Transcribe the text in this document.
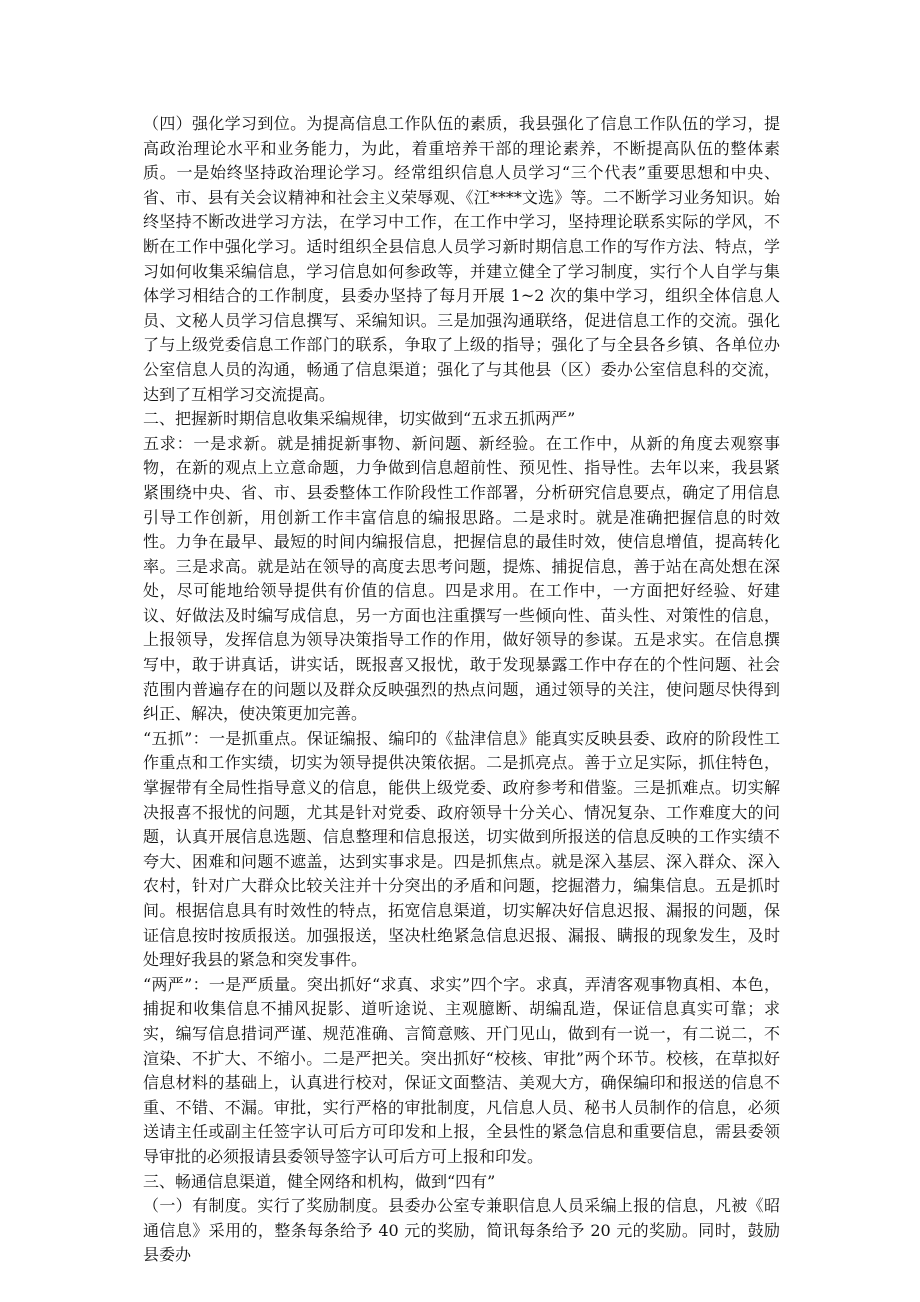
（四）强化学习到位。为提高信息工作队伍的素质，我县强化了信息工作队伍的学习，提高政治理论水平和业务能力，为此，着重培养干部的理论素养，不断提高队伍的整体素质。一是始终坚持政治理论学习。经常组织信息人员学习“三个代表”重要思想和中央、省、市、县有关会议精神和社会主义荣辱观、《江****文选》等。二不断学习业务知识。始终坚持不断改进学习方法，在学习中工作，在工作中学习，坚持理论联系实际的学风，不断在工作中强化学习。适时组织全县信息人员学习新时期信息工作的写作方法、特点，学习如何收集采编信息，学习信息如何参政等，并建立健全了学习制度，实行个人自学与集体学习相结合的工作制度，县委办坚持了每月开展 1~2 次的集中学习，组织全体信息人员、文秘人员学习信息撰写、采编知识。三是加强沟通联络，促进信息工作的交流。强化了与上级党委信息工作部门的联系，争取了上级的指导；强化了与全县各乡镇、各单位办公室信息人员的沟通，畅通了信息渠道；强化了与其他县（区）委办公室信息科的交流，达到了互相学习交流提高。

二、把握新时期信息收集采编规律，切实做到“五求五抓两严”

五求：一是求新。就是捕捉新事物、新问题、新经验。在工作中，从新的角度去观察事物，在新的观点上立意命题，力争做到信息超前性、预见性、指导性。去年以来，我县紧紧围绕中央、省、市、县委整体工作阶段性工作部署，分析研究信息要点，确定了用信息引导工作创新，用创新工作丰富信息的编报思路。二是求时。就是准确把握信息的时效性。力争在最早、最短的时间内编报信息，把握信息的最佳时效，使信息增值，提高转化率。三是求高。就是站在领导的高度去思考问题，提炼、捕捉信息，善于站在高处想在深处，尽可能地给领导提供有价值的信息。四是求用。在工作中，一方面把好经验、好建议、好做法及时编写成信息，另一方面也注重撰写一些倾向性、苗头性、对策性的信息，上报领导，发挥信息为领导决策指导工作的作用，做好领导的参谋。五是求实。在信息撰写中，敢于讲真话，讲实话，既报喜又报忧，敢于发现暴露工作中存在的个性问题、社会范围内普遍存在的问题以及群众反映强烈的热点问题，通过领导的关注，使问题尽快得到纠正、解决，使决策更加完善。

“五抓”：一是抓重点。保证编报、编印的《盐津信息》能真实反映县委、政府的阶段性工作重点和工作实绩，切实为领导提供决策依据。二是抓亮点。善于立足实际，抓住特色，掌握带有全局性指导意义的信息，能供上级党委、政府参考和借鉴。三是抓难点。切实解决报喜不报忧的问题，尤其是针对党委、政府领导十分关心、情况复杂、工作难度大的问题，认真开展信息选题、信息整理和信息报送，切实做到所报送的信息反映的工作实绩不夸大、困难和问题不遮盖，达到实事求是。四是抓焦点。就是深入基层、深入群众、深入农村，针对广大群众比较关注并十分突出的矛盾和问题，挖掘潜力，编集信息。五是抓时间。根据信息具有时效性的特点，拓宽信息渠道，切实解决好信息迟报、漏报的问题，保证信息按时按质报送。加强报送，坚决杜绝紧急信息迟报、漏报、瞒报的现象发生，及时处理好我县的紧急和突发事件。

“两严”：一是严质量。突出抓好“求真、求实”四个字。求真，弄清客观事物真相、本色，捕捉和收集信息不捕风捉影、道听途说、主观臆断、胡编乱造，保证信息真实可靠；求实，编写信息措词严谨、规范准确、言简意赅、开门见山，做到有一说一，有二说二，不渲染、不扩大、不缩小。二是严把关。突出抓好“校核、审批”两个环节。校核，在草拟好信息材料的基础上，认真进行校对，保证文面整洁、美观大方，确保编印和报送的信息不重、不错、不漏。审批，实行严格的审批制度，凡信息人员、秘书人员制作的信息，必须送请主任或副主任签字认可后方可印发和上报，全县性的紧急信息和重要信息，需县委领导审批的必须报请县委领导签字认可后方可上报和印发。

三、畅通信息渠道，健全网络和机构，做到“四有”

（一）有制度。实行了奖励制度。县委办公室专兼职信息人员采编上报的信息，凡被《昭通信息》采用的，整条每条给予 40 元的奖励，简讯每条给予 20 元的奖励。同时，鼓励县委办
